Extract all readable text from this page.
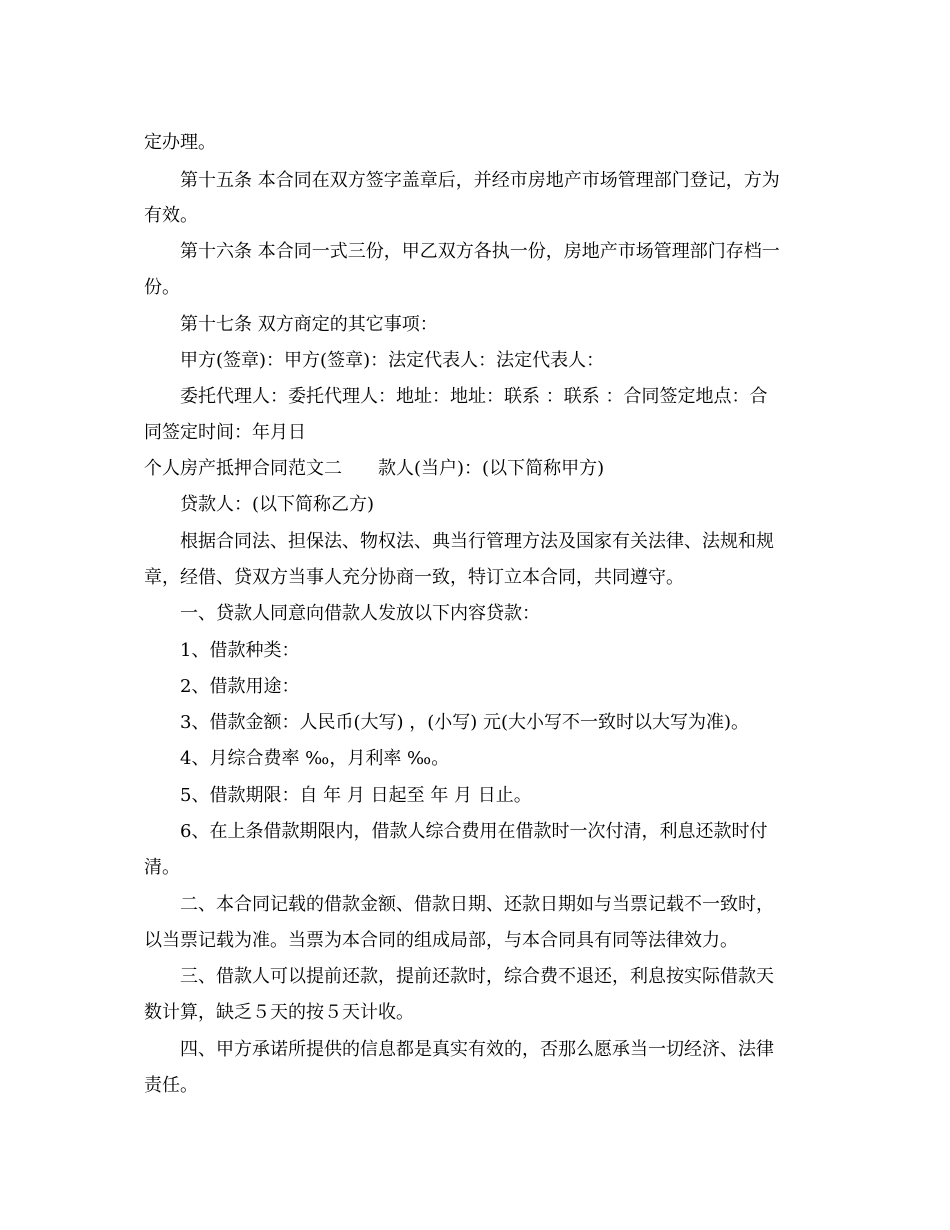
定办理。
第十五条 本合同在双方签字盖章后，并经市房地产市场管理部门登记，方为
有效。
第十六条 本合同一式三份，甲乙双方各执一份，房地产市场管理部门存档一
份。
第十七条 双方商定的其它事项：
甲方(签章)：甲方(签章)：法定代表人：法定代表人：
委托代理人：委托代理人：地址：地址：联系 ：联系 ：合同签定地点：合
同签定时间：年月日
个人房产抵押合同范文二　　款人(当户)：(以下简称甲方)
贷款人：(以下简称乙方)
根据合同法、担保法、物权法、典当行管理方法及国家有关法律、法规和规
章，经借、贷双方当事人充分协商一致，特订立本合同，共同遵守。
一、贷款人同意向借款人发放以下内容贷款：
1、借款种类：
2、借款用途：
3、借款金额：人民币(大写) ，(小写) 元(大小写不一致时以大写为准)。
4、月综合费率 ‰，月利率 ‰。
5、借款期限：自 年 月 日起至 年 月 日止。
6、在上条借款期限内，借款人综合费用在借款时一次付清，利息还款时付
清。
二、本合同记载的借款金额、借款日期、还款日期如与当票记载不一致时，
以当票记载为准。当票为本合同的组成局部，与本合同具有同等法律效力。
三、借款人可以提前还款，提前还款时，综合费不退还，利息按实际借款天
数计算，缺乏５天的按５天计收。
四、甲方承诺所提供的信息都是真实有效的，否那么愿承当一切经济、法律
责任。
